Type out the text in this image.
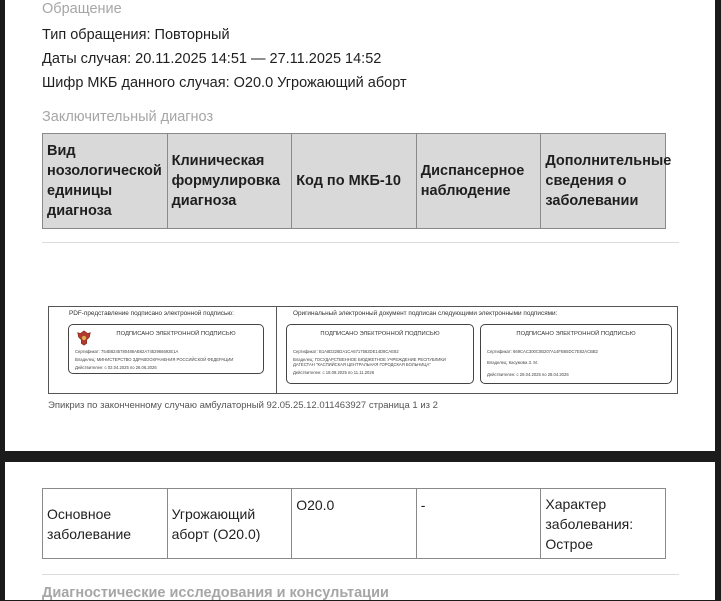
Обращение
Тип обращения: Повторный
Даты случая: 20.11.2025 14:51 — 27.11.2025 14:52
Шифр МКБ данного случая: O20.0 Угрожающий аборт
Заключительный диагноз
Вид нозологической единицы диагноза	Клиническая формулировка диагноза	Код по МКБ-10	Диспансерное наблюдение	Дополнительные сведения о заболевании
PDF-представление подписано электронной подписью:	Оригинальный электронный документ подписан следующими электронными подписями:
ПОДПИСАНО ЭЛЕКТРОННОЙ ПОДПИСЬЮ
Сертификат: 754B8245780488AB62A7452965692E1A
Владелец: МИНИСТЕРСТВО ЗДРАВООХРАНЕНИЯ РОССИЙСКОЙ ФЕДЕРАЦИИ
Действителен: с 02.04.2025 по 26.06.2026
ПОДПИСАНО ЭЛЕКТРОННОЙ ПОДПИСЬЮ
Сертификат: B1A8D326DA1CA6717582DE14D8CAE82
Владелец: ГОСУДАРСТВЕННОЕ БЮДЖЕТНОЕ УЧРЕЖДЕНИЕ РЕСПУБЛИКИ
ДАГЕСТАН "КАСПИЙСКАЯ ЦЕНТРАЛЬНАЯ ГОРОДСКАЯ БОЛЬНИЦА"
Действителен: с 18.08.2025 по 11.11.2026
ПОДПИСАНО ЭЛЕКТРОННОЙ ПОДПИСЬЮ
Сертификат: 669CAC300C0B207A14FB65DC7E82ACBB2
Владелец: Касумова З. М.
Действителен: с 28.04.2025 по 28.04.2026
Эпикриз по законченному случаю амбулаторный 92.05.25.12.011463927 страница 1 из 2
Основное заболевание	Угрожающий аборт (O20.0)	O20.0	-	Характер заболевания: Острое
Диагностические исследования и консультации
